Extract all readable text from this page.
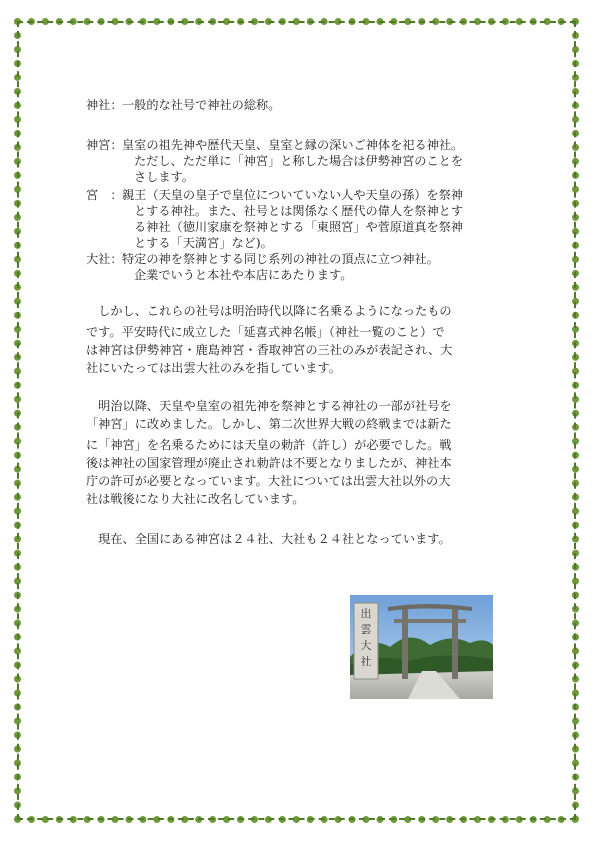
神社： 一般的な社号で神社の総称。
神宮： 皇室の祖先神や歴代天皇、皇室と縁の深いご神体を祀る神社。
ただし、ただ単に「神宮」と称した場合は伊勢神宮のことを
さします。
宮　： 親王（天皇の皇子で皇位についていない人や天皇の孫）を祭神
とする神社。また、社号とは関係なく歴代の偉人を祭神とす
る神社（徳川家康を祭神とする「東照宮」や菅原道真を祭神
とする「天満宮」など)。
大社： 特定の神を祭神とする同じ系列の神社の頂点に立つ神社。
企業でいうと本社や本店にあたります。
　しかし、これらの社号は明治時代以降に名乗るようになったもの
です。平安時代に成立した「延喜式神名帳」（神社一覧のこと）で
は神宮は伊勢神宮・鹿島神宮・香取神宮の三社のみが表記され、大
社にいたっては出雲大社のみを指しています。
　明治以降、天皇や皇室の祖先神を祭神とする神社の一部が社号を
「神宮」に改めました。しかし、第二次世界大戦の終戦までは新た
に「神宮」を名乗るためには天皇の勅許（許し）が必要でした。戦
後は神社の国家管理が廃止され勅許は不要となりましたが、神社本
庁の許可が必要となっています。大社については出雲大社以外の大
社は戦後になり大社に改名しています。
　現在、全国にある神宮は２４社、大社も２４社となっています。
出
雲
大
社
